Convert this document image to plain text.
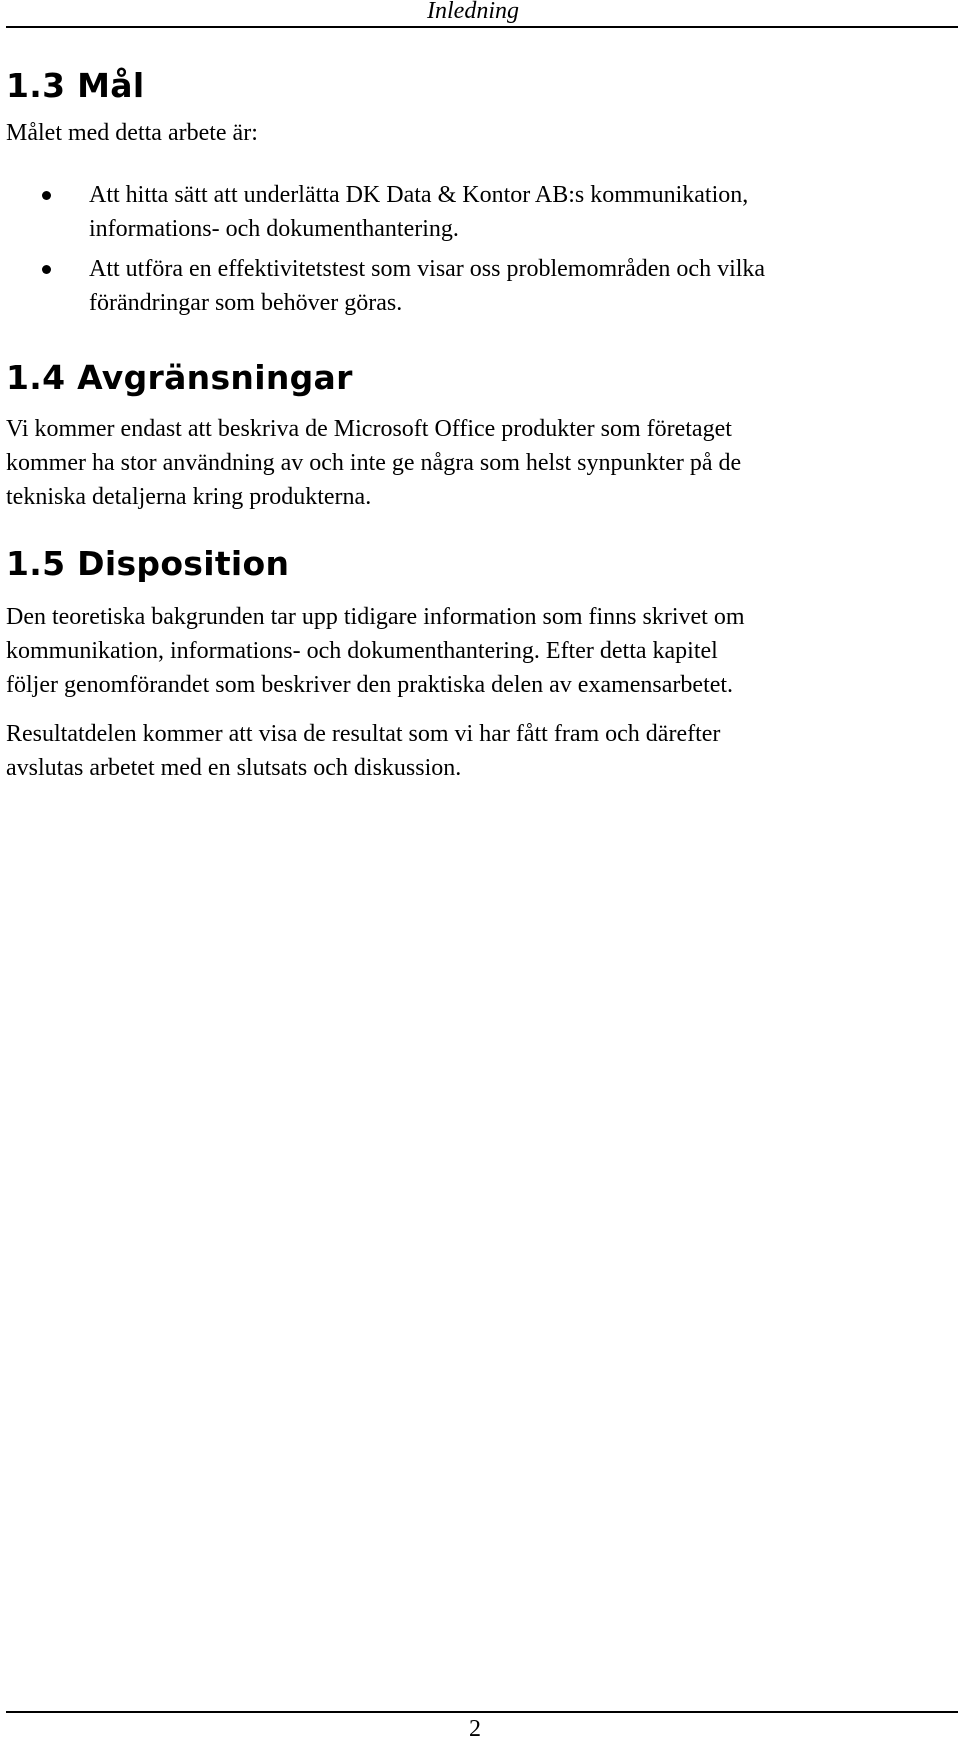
Inledning
1.3 Mål
Målet med detta arbete är:
Att hitta sätt att underlätta DK Data & Kontor AB:s kommunikation,
informations- och dokumenthantering.
Att utföra en effektivitetstest som visar oss problemområden och vilka
förändringar som behöver göras.
1.4 Avgränsningar
Vi kommer endast att beskriva de Microsoft Office produkter som företaget
kommer ha stor användning av och inte ge några som helst synpunkter på de
tekniska detaljerna kring produkterna.
1.5 Disposition
Den teoretiska bakgrunden tar upp tidigare information som finns skrivet om
kommunikation, informations- och dokumenthantering. Efter detta kapitel
följer genomförandet som beskriver den praktiska delen av examensarbetet.
Resultatdelen kommer att visa de resultat som vi har fått fram och därefter
avslutas arbetet med en slutsats och diskussion.
2
